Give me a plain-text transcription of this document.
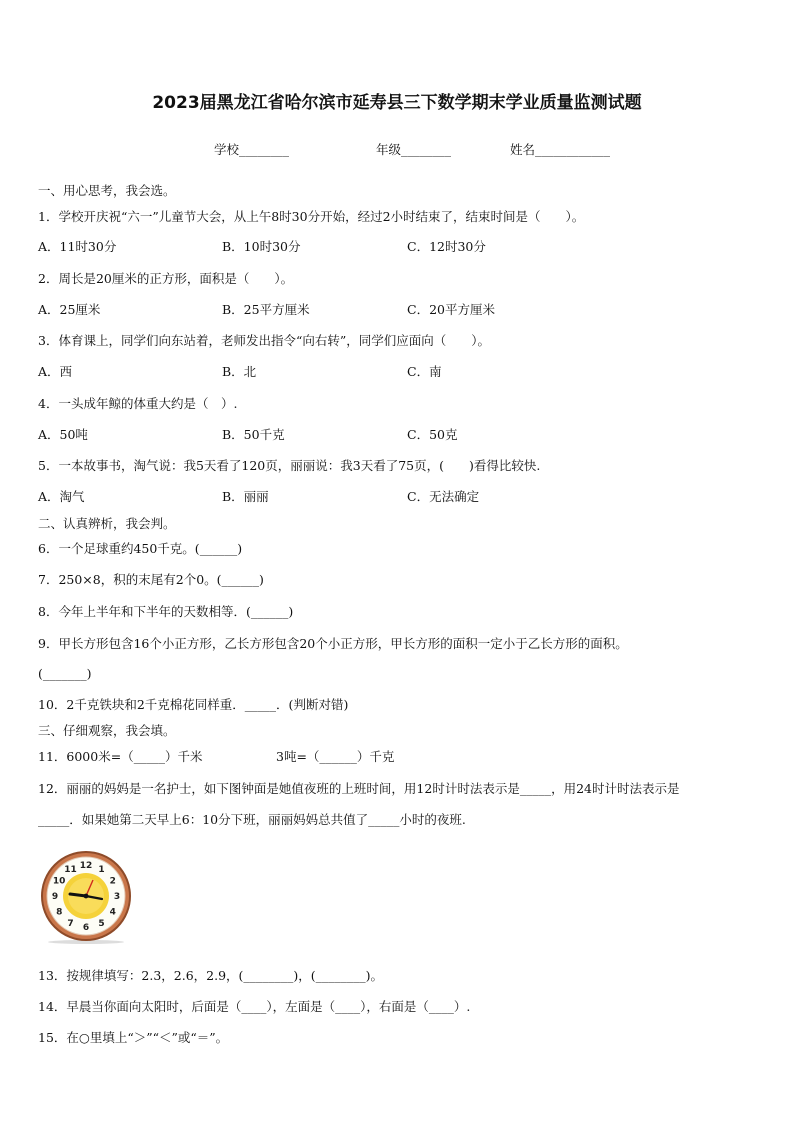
2023届黑龙江省哈尔滨市延寿县三下数学期末学业质量监测试题
学校________	年级________	姓名____________
一、用心思考，我会选。
1．学校开庆祝“六一”儿童节大会，从上午8时30分开始，经过2小时结束了，结束时间是（　　）。
A．11时30分	B．10时30分	C．12时30分
2．周长是20厘米的正方形，面积是（　　）。
A．25厘米	B．25平方厘米	C．20平方厘米
3．体育课上，同学们向东站着，老师发出指令“向右转”，同学们应面向（　　）。
A．西	B．北	C．南
4．一头成年鲸的体重大约是（　）.
A．50吨	B．50千克	C．50克
5．一本故事书，淘气说：我5天看了120页，丽丽说：我3天看了75页，(　　)看得比较快.
A．淘气	B．丽丽	C．无法确定
二、认真辨析，我会判。
6．一个足球重约450千克。(______)
7．250×8，积的末尾有2个0。(______)
8．今年上半年和下半年的天数相等．(______)
9．甲长方形包含16个小正方形，乙长方形包含20个小正方形，甲长方形的面积一定小于乙长方形的面积。
(_______)
10．2千克铁块和2千克棉花同样重．_____．(判断对错)
三、仔细观察，我会填。
11．6000米=（_____）千米	3吨=（______）千克
12．丽丽的妈妈是一名护士，如下图钟面是她值夜班的上班时间，用12时计时法表示是_____，用24时计时法表示是
_____．如果她第二天早上6：10分下班，丽丽妈妈总共值了_____小时的夜班.
12 1
2
3
4
5
6
7
8
9
10
11
13．按规律填写：2.3，2.6，2.9，(________)，(________)。
14．早晨当你面向太阳时，后面是（____），左面是（____），右面是（____）.
15．在○里填上“＞”“＜”或“＝”。
